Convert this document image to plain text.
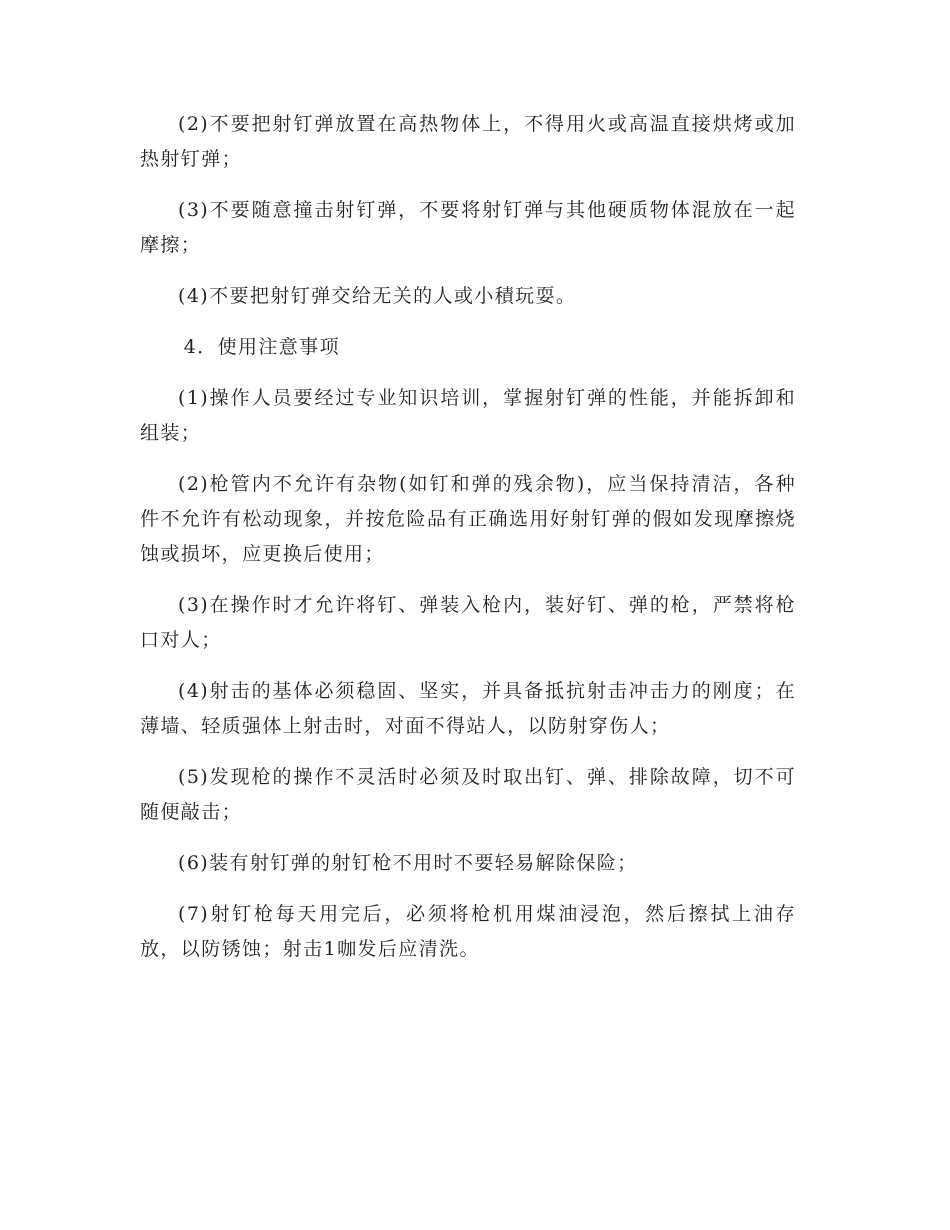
(2)不要把射钉弹放置在高热物体上，不得用火或高温直接烘烤或加热射钉弹；

(3)不要随意撞击射钉弹，不要将射钉弹与其他硬质物体混放在一起摩擦；

(4)不要把射钉弹交给无关的人或小積玩耍。

4．使用注意事项

(1)操作人员要经过专业知识培训，掌握射钉弹的性能，并能拆卸和组装；

(2)枪管内不允许有杂物(如钉和弹的残余物)，应当保持清洁，各种件不允许有松动现象，并按危险品有正确选用好射钉弹的假如发现摩擦烧蚀或损坏，应更换后使用；

(3)在操作时才允许将钉、弹装入枪内，装好钉、弹的枪，严禁将枪口对人；

(4)射击的基体必须稳固、坚实，并具备抵抗射击冲击力的刚度；在薄墙、轻质强体上射击时，对面不得站人，以防射穿伤人；

(5)发现枪的操作不灵活时必须及时取出钉、弹、排除故障，切不可随便敲击；

(6)装有射钉弹的射钉枪不用时不要轻易解除保险；

(7)射钉枪每天用完后，必须将枪机用煤油浸泡，然后擦拭上油存放，以防锈蚀；射击1咖发后应清洗。
